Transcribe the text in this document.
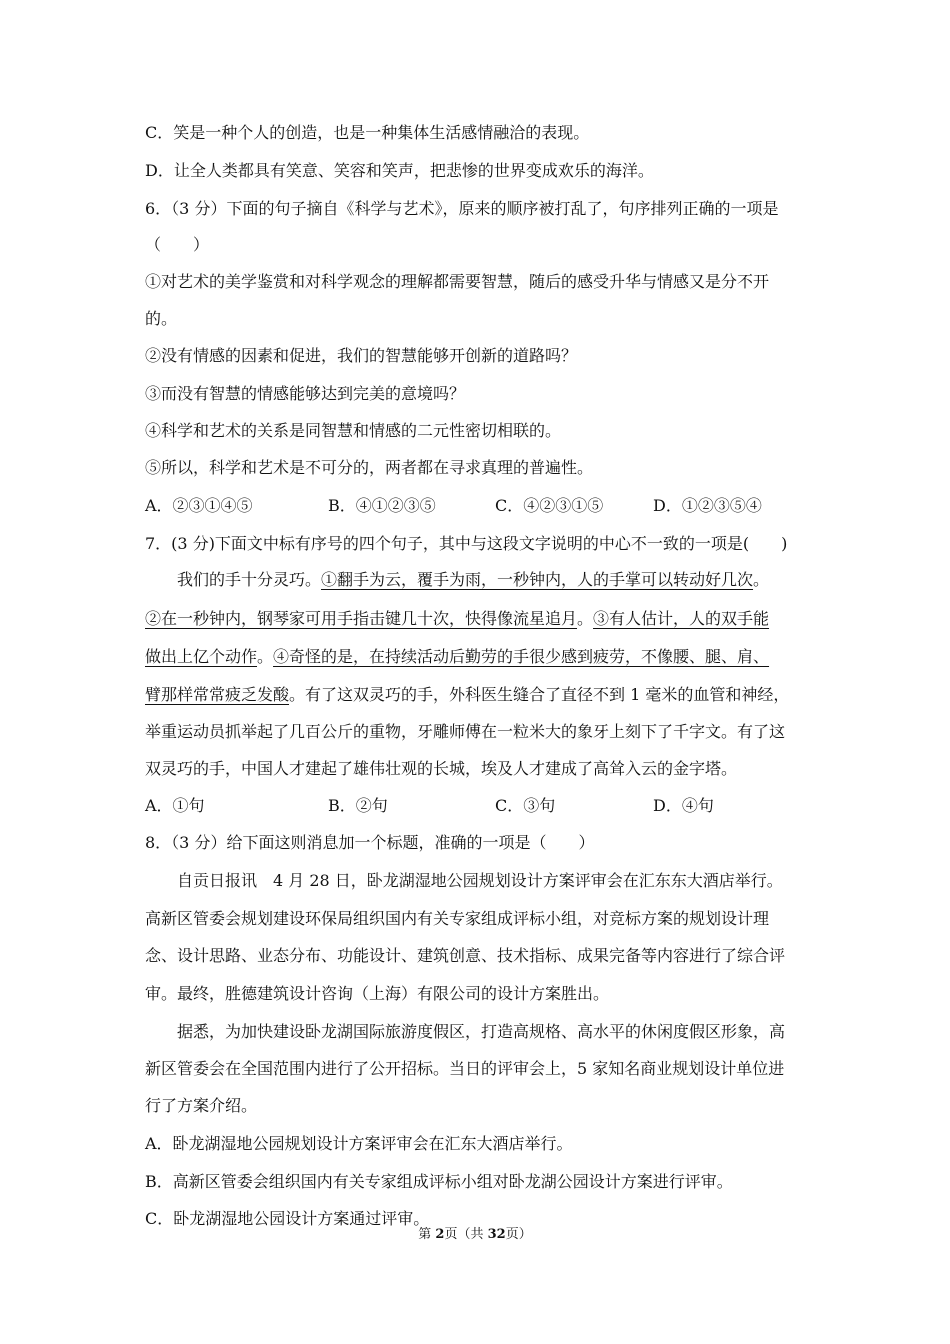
C．笑是一种个人的创造，也是一种集体生活感情融洽的表现。
D．让全人类都具有笑意、笑容和笑声，把悲惨的世界变成欢乐的海洋。
6．（3 分）下面的句子摘自《科学与艺术》，原来的顺序被打乱了，句序排列正确的一项是
（　　）
①对艺术的美学鉴赏和对科学观念的理解都需要智慧，随后的感受升华与情感又是分不开
的。
②没有情感的因素和促进，我们的智慧能够开创新的道路吗？
③而没有智慧的情感能够达到完美的意境吗？
④科学和艺术的关系是同智慧和情感的二元性密切相联的。
⑤所以，科学和艺术是不可分的，两者都在寻求真理的普遍性。
A．②③①④⑤	B．④①②③⑤	C．④②③①⑤	D．①②③⑤④
7．(3 分)下面文中标有序号的四个句子，其中与这段文字说明的中心不一致的一项是(　　)
我们的手十分灵巧。①翻手为云，覆手为雨，一秒钟内，人的手掌可以转动好几次。
②在一秒钟内，钢琴家可用手指击键几十次，快得像流星追月。③有人估计，人的双手能
做出上亿个动作。④奇怪的是，在持续活动后勤劳的手很少感到疲劳，不像腰、腿、肩、
臂那样常常疲乏发酸。有了这双灵巧的手，外科医生缝合了直径不到 1 毫米的血管和神经，
举重运动员抓举起了几百公斤的重物，牙雕师傅在一粒米大的象牙上刻下了千字文。有了这
双灵巧的手，中国人才建起了雄伟壮观的长城，埃及人才建成了高耸入云的金字塔。
A．①句	B．②句	C．③句	D．④句
8．（3 分）给下面这则消息加一个标题，准确的一项是（　　）
自贡日报讯　4 月 28 日，卧龙湖湿地公园规划设计方案评审会在汇东东大酒店举行。
高新区管委会规划建设环保局组织国内有关专家组成评标小组，对竞标方案的规划设计理
念、设计思路、业态分布、功能设计、建筑创意、技术指标、成果完备等内容进行了综合评
审。最终，胜德建筑设计咨询（上海）有限公司的设计方案胜出。
据悉，为加快建设卧龙湖国际旅游度假区，打造高规格、高水平的休闲度假区形象，高
新区管委会在全国范围内进行了公开招标。当日的评审会上，5 家知名商业规划设计单位进
行了方案介绍。
A．卧龙湖湿地公园规划设计方案评审会在汇东大酒店举行。
B．高新区管委会组织国内有关专家组成评标小组对卧龙湖公园设计方案进行评审。
C．卧龙湖湿地公园设计方案通过评审。
第 2页（共 32页）
